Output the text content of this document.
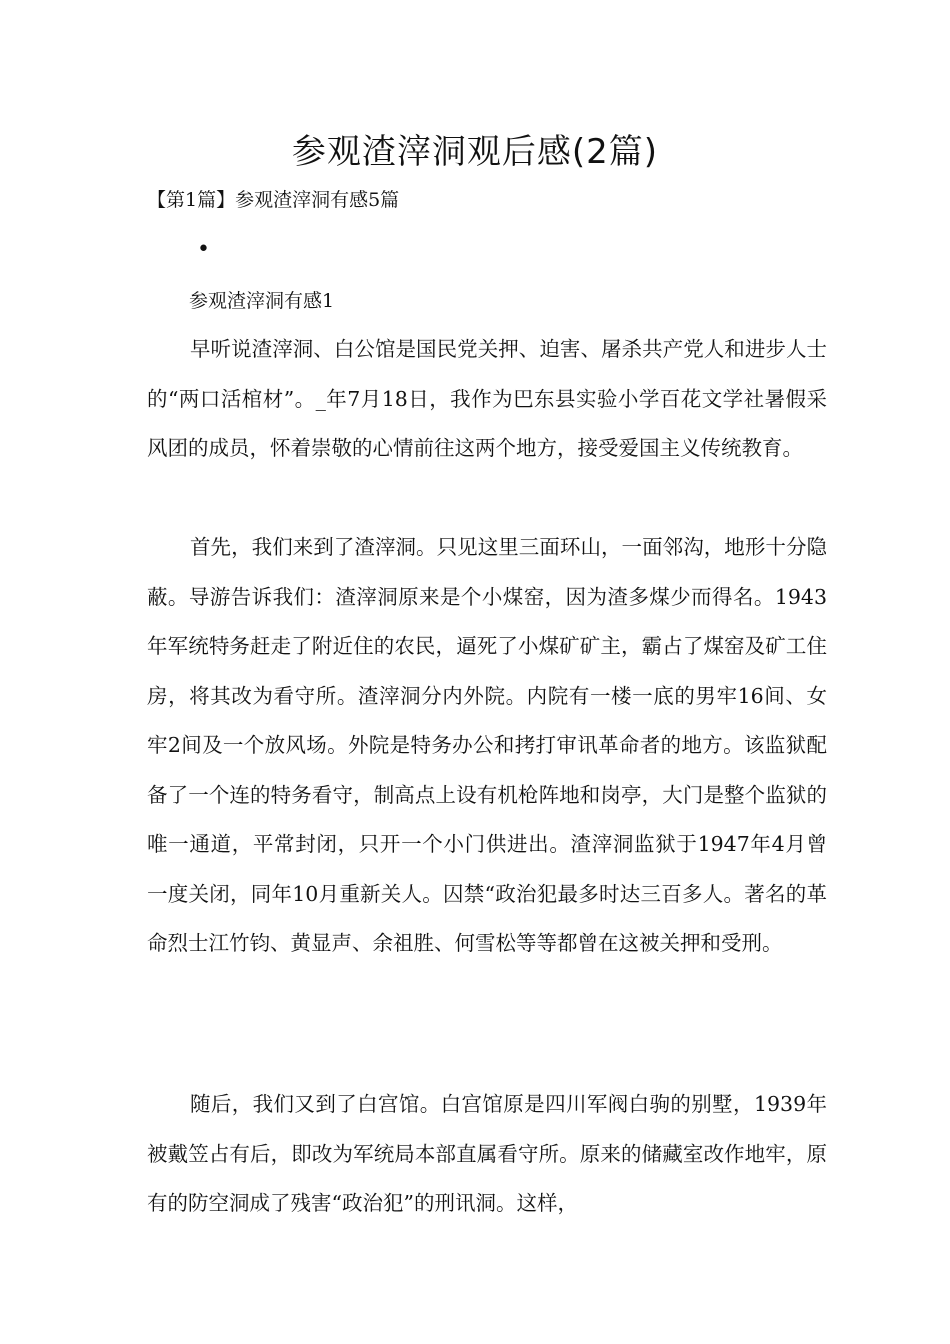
参观渣滓洞观后感(2篇)
【第1篇】参观渣滓洞有感5篇
•

参观渣滓洞有感1

早听说渣滓洞、白公馆是国民党关押、迫害、屠杀共产党人和进步人士的“两口活棺材”。_年7月18日，我作为巴东县实验小学百花文学社暑假采风团的成员，怀着崇敬的心情前往这两个地方，接受爱国主义传统教育。

首先，我们来到了渣滓洞。只见这里三面环山，一面邻沟，地形十分隐蔽。导游告诉我们：渣滓洞原来是个小煤窑，因为渣多煤少而得名。1943年军统特务赶走了附近住的农民，逼死了小煤矿矿主，霸占了煤窑及矿工住房，将其改为看守所。渣滓洞分内外院。内院有一楼一底的男牢16间、女牢2间及一个放风场。外院是特务办公和拷打审讯革命者的地方。该监狱配备了一个连的特务看守，制高点上设有机枪阵地和岗亭，大门是整个监狱的唯一通道，平常封闭，只开一个小门供进出。渣滓洞监狱于1947年4月曾一度关闭，同年10月重新关人。囚禁“政治犯最多时达三百多人。著名的革命烈士江竹钧、黄显声、余祖胜、何雪松等等都曾在这被关押和受刑。

随后，我们又到了白宫馆。白宫馆原是四川军阀白驹的别墅，1939年被戴笠占有后，即改为军统局本部直属看守所。原来的储藏室改作地牢，原有的防空洞成了残害“政治犯”的刑讯洞。这样，
